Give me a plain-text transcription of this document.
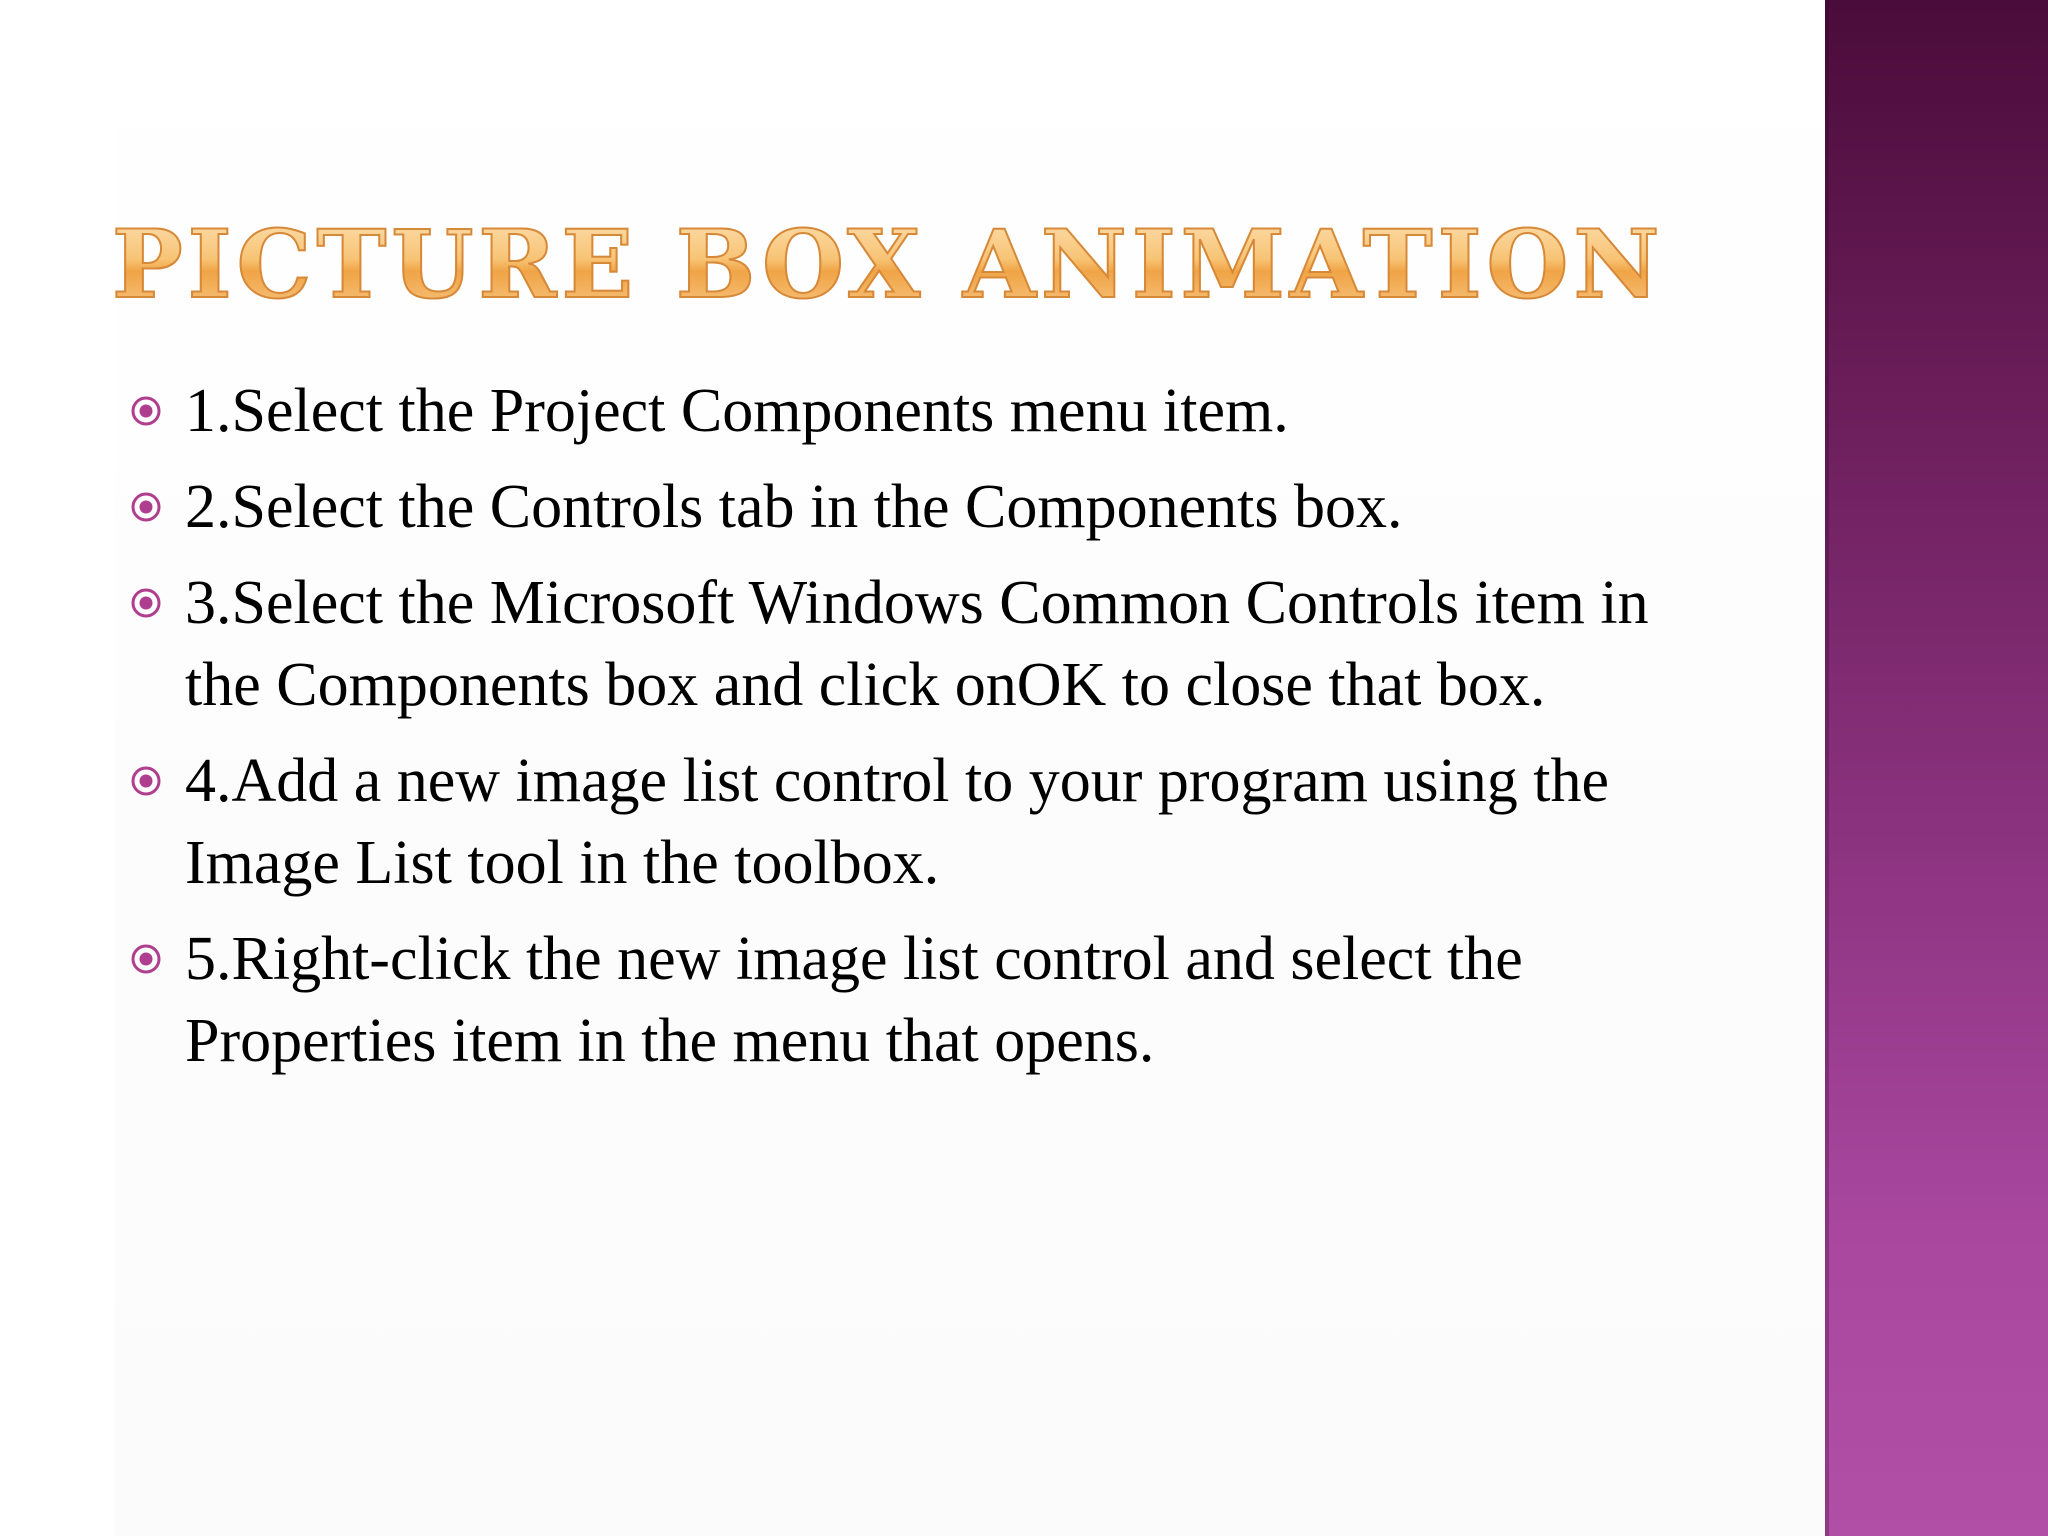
PICTURE BOX ANIMATION
1.Select the Project Components menu item.
2.Select the Controls tab in the Components box.
3.Select the Microsoft Windows Common Controls item in the Components box and click onOK to close that box.
4.Add a new image list control to your program using the Image List tool in the toolbox.
5.Right-click the new image list control and select the Properties item in the menu that opens.
